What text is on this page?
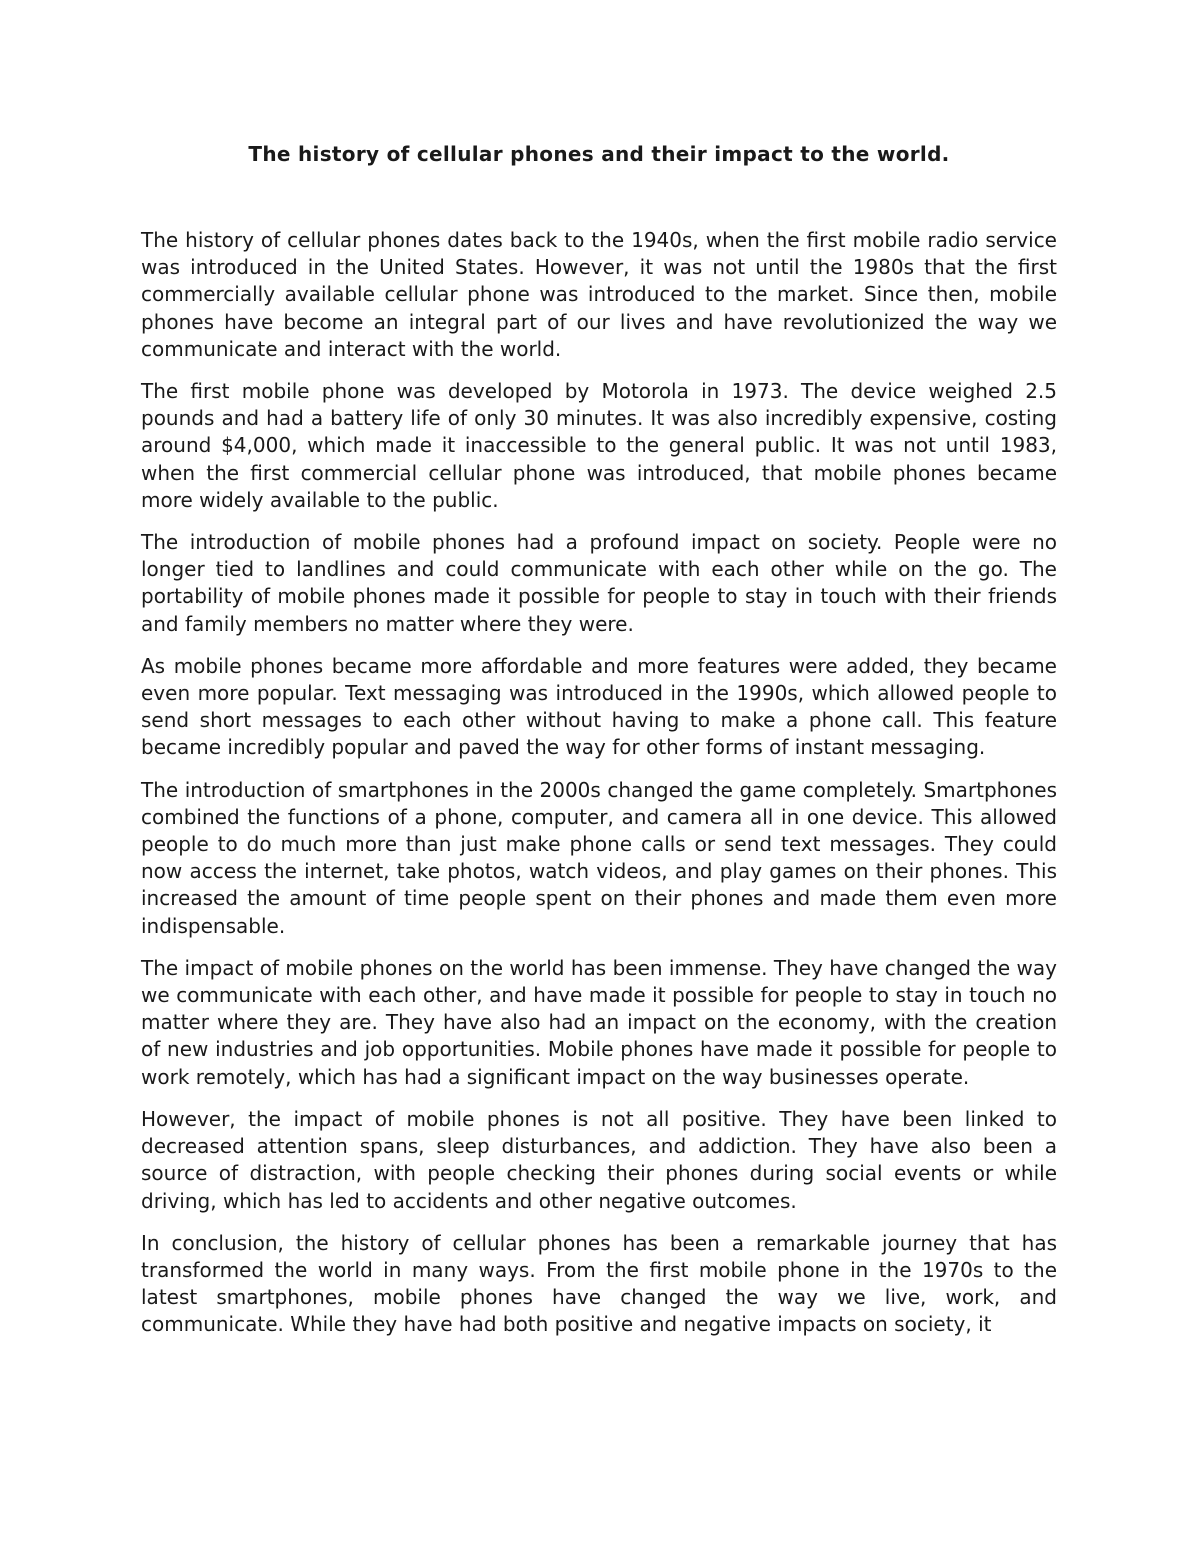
The history of cellular phones and their impact to the world.

The history of cellular phones dates back to the 1940s, when the first mobile radio service was introduced in the United States. However, it was not until the 1980s that the first commercially available cellular phone was introduced to the market. Since then, mobile phones have become an integral part of our lives and have revolutionized the way we communicate and interact with the world.

The first mobile phone was developed by Motorola in 1973. The device weighed 2.5 pounds and had a battery life of only 30 minutes. It was also incredibly expensive, costing around $4,000, which made it inaccessible to the general public. It was not until 1983, when the first commercial cellular phone was introduced, that mobile phones became more widely available to the public.

The introduction of mobile phones had a profound impact on society. People were no longer tied to landlines and could communicate with each other while on the go. The portability of mobile phones made it possible for people to stay in touch with their friends and family members no matter where they were.

As mobile phones became more affordable and more features were added, they became even more popular. Text messaging was introduced in the 1990s, which allowed people to send short messages to each other without having to make a phone call. This feature became incredibly popular and paved the way for other forms of instant messaging.

The introduction of smartphones in the 2000s changed the game completely. Smartphones combined the functions of a phone, computer, and camera all in one device. This allowed people to do much more than just make phone calls or send text messages. They could now access the internet, take photos, watch videos, and play games on their phones. This increased the amount of time people spent on their phones and made them even more indispensable.

The impact of mobile phones on the world has been immense. They have changed the way we communicate with each other, and have made it possible for people to stay in touch no matter where they are. They have also had an impact on the economy, with the creation of new industries and job opportunities. Mobile phones have made it possible for people to work remotely, which has had a significant impact on the way businesses operate.

However, the impact of mobile phones is not all positive. They have been linked to decreased attention spans, sleep disturbances, and addiction. They have also been a source of distraction, with people checking their phones during social events or while driving, which has led to accidents and other negative outcomes.

In conclusion, the history of cellular phones has been a remarkable journey that has transformed the world in many ways. From the first mobile phone in the 1970s to the latest smartphones, mobile phones have changed the way we live, work, and communicate. While they have had both positive and negative impacts on society, it
